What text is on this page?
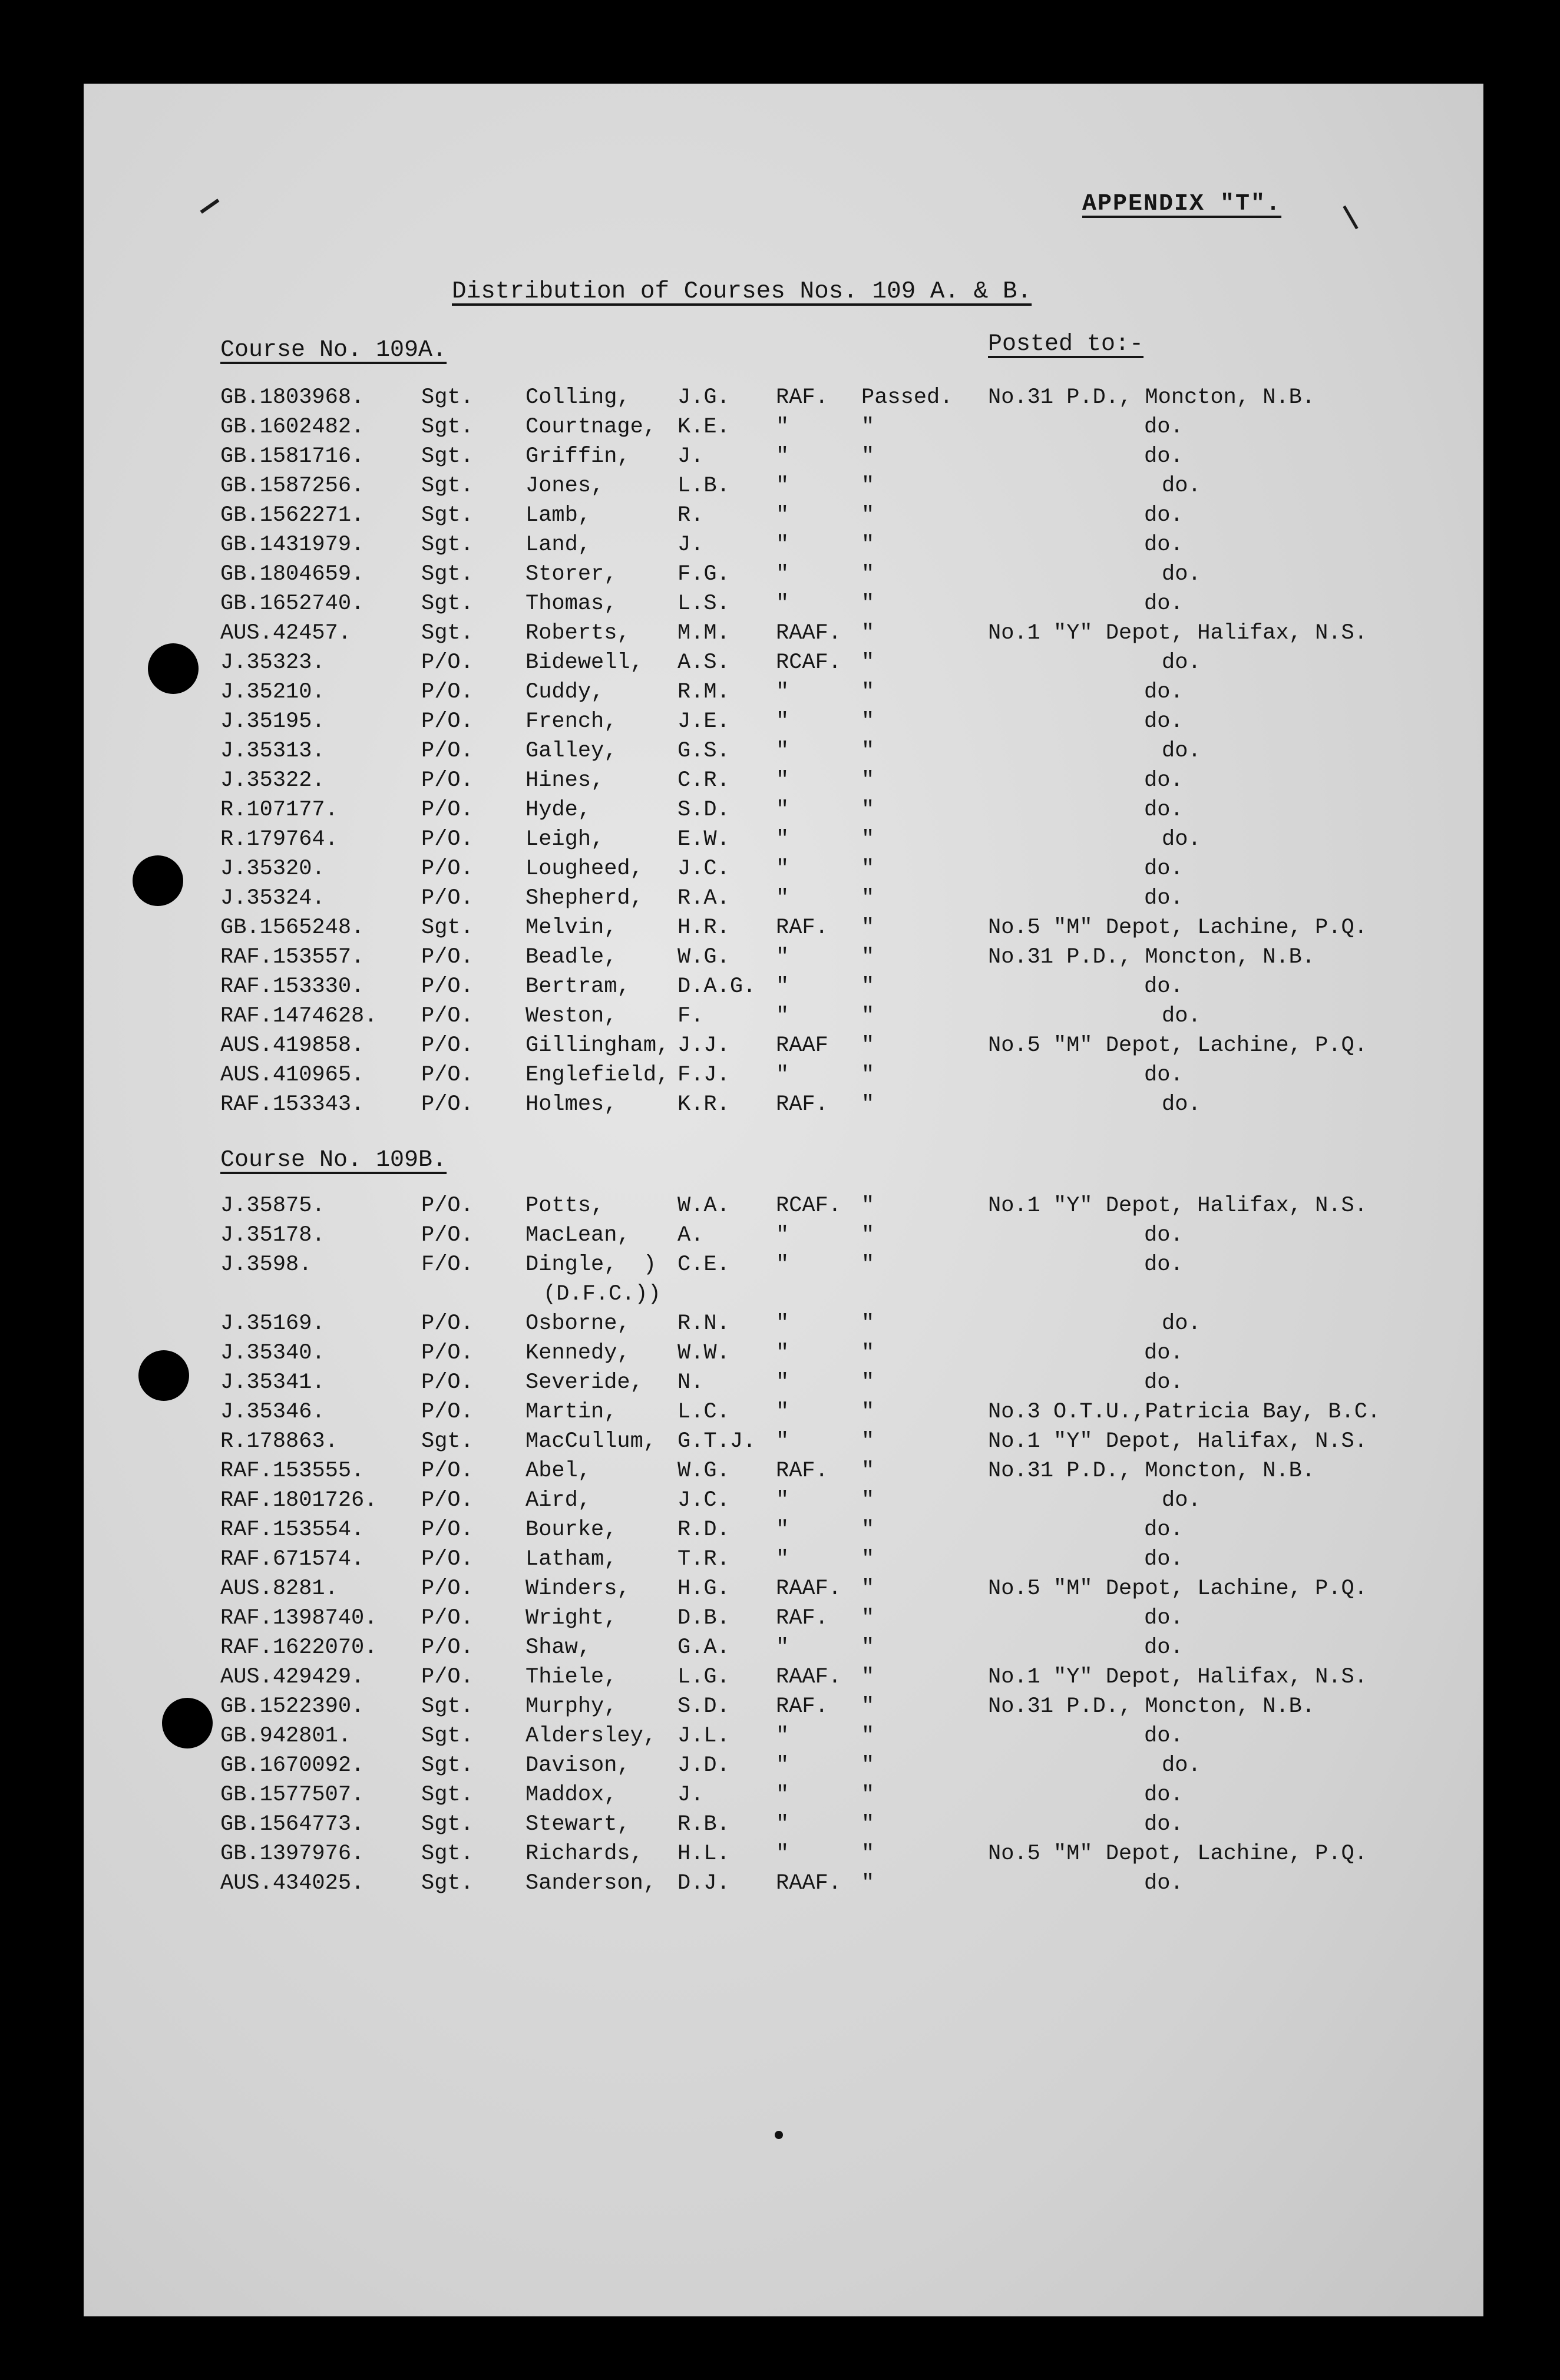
APPENDIX "T".
Distribution of Courses Nos. 109 A. & B.
Course No. 109A.	Posted to:-
GB.1803968.	Sgt. Colling, J.G. RAF. Passed. No.31 P.D., Moncton, N.B.
GB.1602482.	Sgt. Courtnage, K.E. "	"	do.
GB.1581716.	Sgt. Griffin, J.	"	"	do.
GB.1587256.	Sgt. Jones,	L.B. "	"	do.
GB.1562271.	Sgt. Lamb,	R.	"	"	do.
GB.1431979.	Sgt. Land,	J.	"	"	do.
GB.1804659.	Sgt. Storer,	F.G. "	"	do.
GB.1652740.	Sgt. Thomas,	L.S. "	"	do.
AUS.42457.	Sgt. Roberts, M.M. RAAF. "	No.1 "Y" Depot, Halifax, N.S.
J.35323.	P/O. Bidewell, A.S. RCAF. "	do.
J.35210.	P/O. Cuddy,	R.M. "	"	do.
J.35195.	P/O. French,	J.E. "	"	do.
J.35313.	P/O. Galley,	G.S. "	"	do.
J.35322.	P/O. Hines,	C.R. "	"	do.
R.107177.	P/O. Hyde,	S.D. "	"	do.
R.179764.	P/O. Leigh,	E.W. "	"	do.
J.35320.	P/O. Lougheed, J.C. "	"	do.
J.35324.	P/O. Shepherd, R.A. "	"	do.
GB.1565248.	Sgt. Melvin,	H.R. RAF. "	No.5 "M" Depot, Lachine, P.Q.
RAF.153557.	P/O. Beadle,	W.G. "	"	No.31 P.D., Moncton, N.B.
RAF.153330.	P/O. Bertram, D.A.G. "	"	do.
RAF.1474628. P/O. Weston,	F.	"	"	do.
AUS.419858.	P/O. Gillingham, J.J. RAAF "	No.5 "M" Depot, Lachine, P.Q.
AUS.410965.	P/O. Englefield, F.J. "	"	do.
RAF.153343.	P/O. Holmes,	K.R. RAF. "	do.
Course No. 109B.
J.35875.	P/O. Potts,	W.A. RCAF. "	No.1 "Y" Depot, Halifax, N.S.
J.35178.	P/O. MacLean, A.	"	"	do.
J.3598.	F/O. Dingle,  ) C.E. "	"	do.
(D.F.C.))
J.35169.	P/O. Osborne, R.N. "	"	do.
J.35340.	P/O. Kennedy, W.W. "	"	do.
J.35341.	P/O. Severide, N.	"	"	do.
J.35346.	P/O. Martin,	L.C. "	"	No.3 O.T.U.,Patricia Bay, B.C.
R.178863.	Sgt. MacCullum, G.T.J. "	"	No.1 "Y" Depot, Halifax, N.S.
RAF.153555.	P/O. Abel,	W.G. RAF. "	No.31 P.D., Moncton, N.B.
RAF.1801726. P/O. Aird,	J.C. "	"	do.
RAF.153554.	P/O. Bourke,	R.D. "	"	do.
RAF.671574.	P/O. Latham,	T.R. "	"	do.
AUS.8281.	P/O. Winders, H.G. RAAF. "	No.5 "M" Depot, Lachine, P.Q.
RAF.1398740. P/O. Wright,	D.B. RAF. "	do.
RAF.1622070. P/O. Shaw,	G.A. "	"	do.
AUS.429429.	P/O. Thiele,	L.G. RAAF. "	No.1 "Y" Depot, Halifax, N.S.
GB.1522390.	Sgt. Murphy,	S.D. RAF. "	No.31 P.D., Moncton, N.B.
GB.942801.	Sgt. Aldersley, J.L. "	"	do.
GB.1670092.	Sgt. Davison, J.D. "	"	do.
GB.1577507.	Sgt. Maddox,	J.	"	"	do.
GB.1564773.	Sgt. Stewart, R.B. "	"	do.
GB.1397976.	Sgt. Richards, H.L. "	"	No.5 "M" Depot, Lachine, P.Q.
AUS.434025.	Sgt. Sanderson, D.J. RAAF. "	do.
